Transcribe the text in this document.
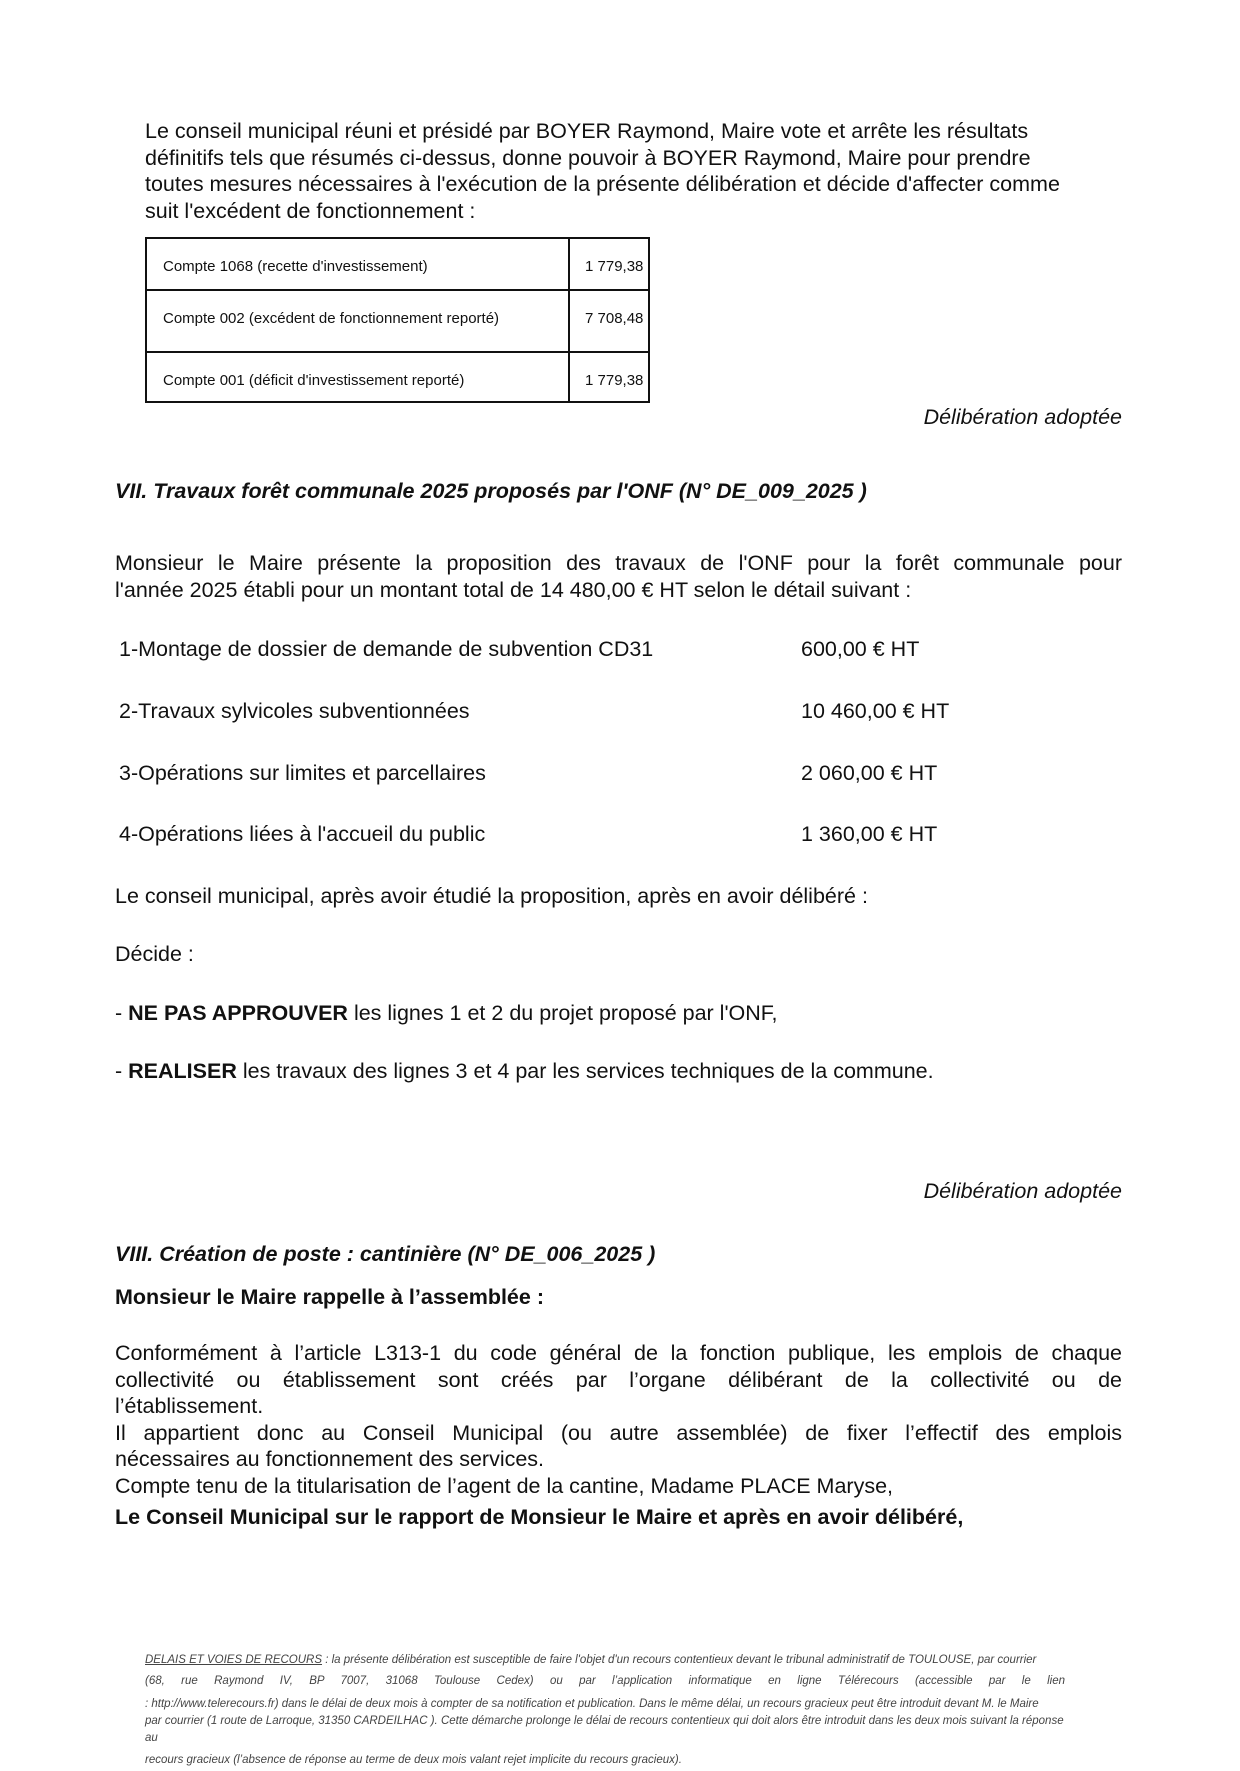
Le conseil municipal réuni et présidé par BOYER Raymond, Maire vote et arrête les résultats
définitifs tels que résumés ci-dessus, donne pouvoir à BOYER Raymond, Maire pour prendre
toutes mesures nécessaires à l'exécution de la présente délibération et décide d'affecter comme
suit l'excédent de fonctionnement :
Compte 1068 (recette d'investissement)	1 779,38
Compte 002 (excédent de fonctionnement reporté)	7 708,48
Compte 001 (déficit d'investissement reporté)	1 779,38
Délibération adoptée
VII. Travaux forêt communale 2025 proposés par l'ONF (N° DE_009_2025 )
Monsieur le Maire présente la proposition des travaux de l'ONF pour la forêt communale pour
l'année 2025 établi pour un montant total de 14 480,00 € HT selon le détail suivant :
1-Montage de dossier de demande de subvention CD31	600,00 € HT
2-Travaux sylvicoles subventionnées	10 460,00 € HT
3-Opérations sur limites et parcellaires	2 060,00 € HT
4-Opérations liées à l'accueil du public	1 360,00 € HT
Le conseil municipal, après avoir étudié la proposition, après en avoir délibéré :
Décide :
- NE PAS APPROUVER les lignes 1 et 2 du projet proposé par l'ONF,
- REALISER les travaux des lignes 3 et 4 par les services techniques de la commune.
Délibération adoptée
VIII. Création de poste : cantinière (N° DE_006_2025 )
Monsieur le Maire rappelle à l’assemblée :
Conformément à l’article L313-1 du code général de la fonction publique, les emplois de chaque
collectivité ou établissement sont créés par l’organe délibérant de la collectivité ou de
l’établissement.
Il appartient donc au Conseil Municipal (ou autre assemblée) de fixer l’effectif des emplois
nécessaires au fonctionnement des services.
Compte tenu de la titularisation de l’agent de la cantine, Madame PLACE Maryse,
Le Conseil Municipal sur le rapport de Monsieur le Maire et après en avoir délibéré,
DELAIS ET VOIES DE RECOURS : la présente délibération est susceptible de faire l'objet d'un recours contentieux devant le tribunal administratif de TOULOUSE, par courrier
(68, rue Raymond IV, BP 7007, 31068 Toulouse Cedex) ou par l’application informatique en ligne Télérecours (accessible par le lien
: http://www.telerecours.fr) dans le délai de deux mois à compter de sa notification et publication. Dans le même délai, un recours gracieux peut être introduit devant M. le Maire
par courrier (1 route de Larroque, 31350 CARDEILHAC ). Cette démarche prolonge le délai de recours contentieux qui doit alors être introduit dans les deux mois suivant la réponse au
recours gracieux (l’absence de réponse au terme de deux mois valant rejet implicite du recours gracieux).
